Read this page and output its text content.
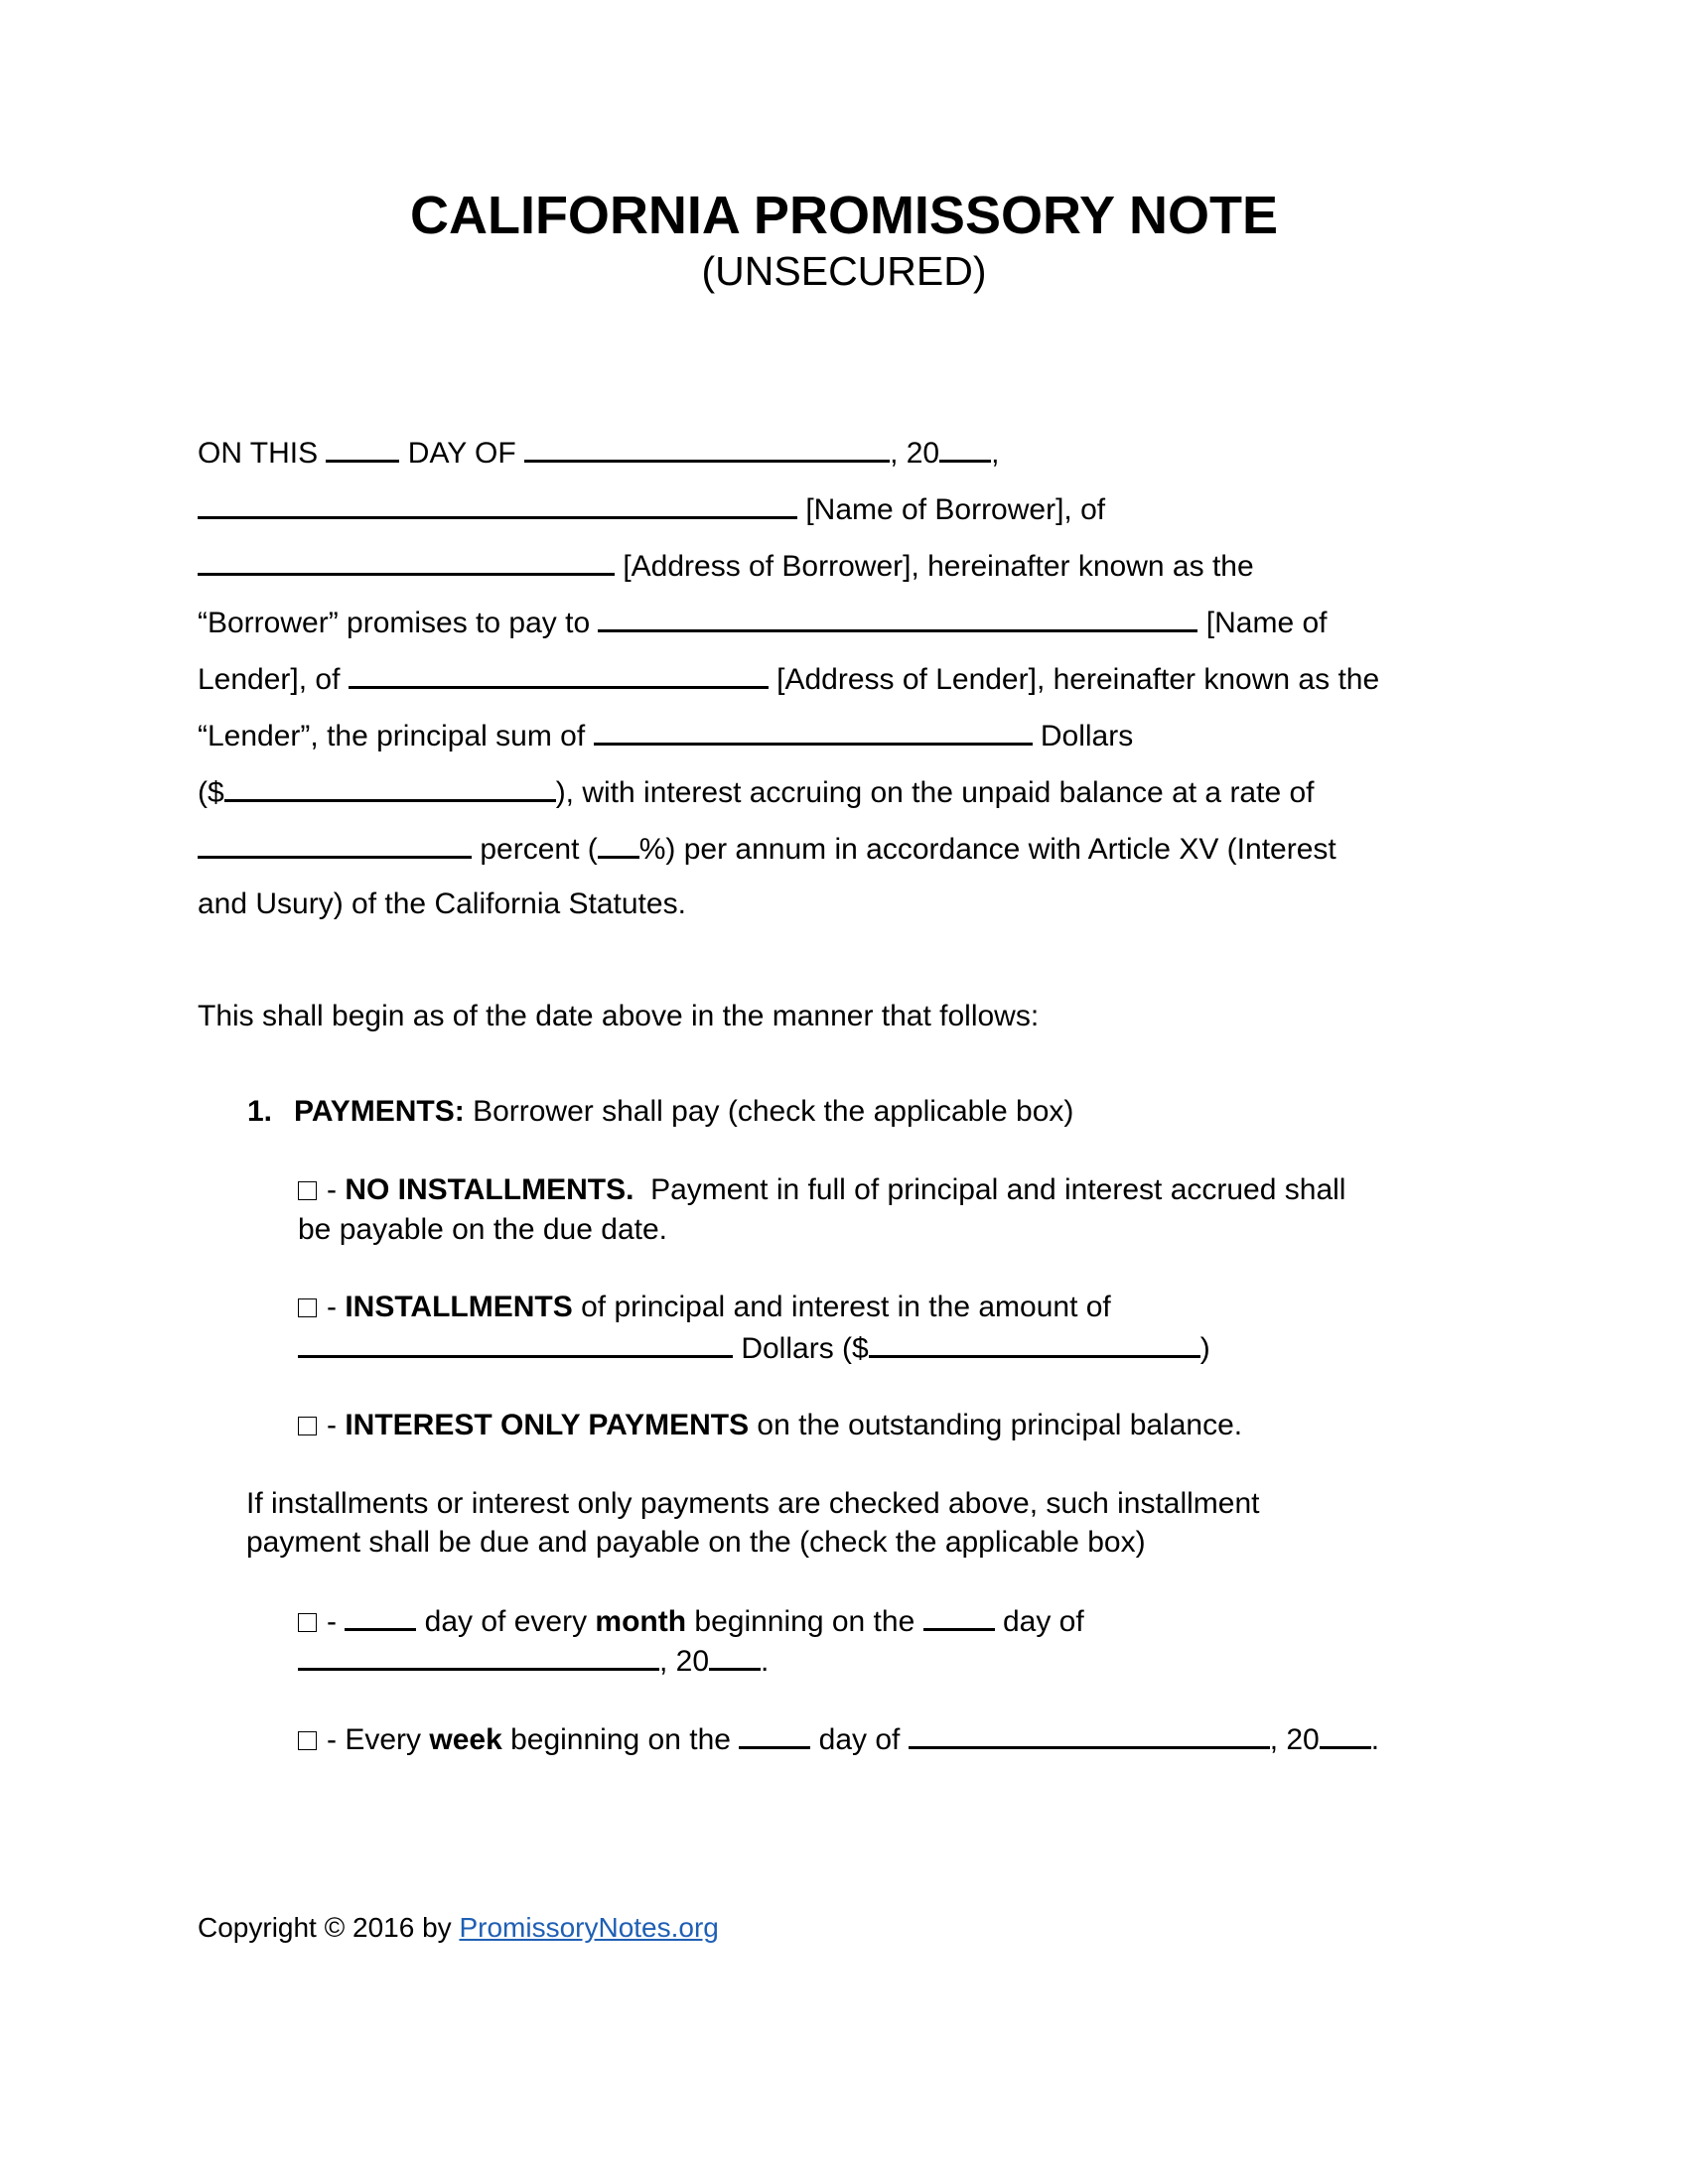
CALIFORNIA PROMISSORY NOTE
(UNSECURED)
ON THIS  DAY OF	, 20 ,
[Name of Borrower], of
[Address of Borrower], hereinafter known as the
“Borrower” promises to pay to	[Name of
Lender], of	[Address of Lender], hereinafter known as the
“Lender”, the principal sum of	Dollars
($	), with interest accruing on the unpaid balance at a rate of
percent ( %) per annum in accordance with Article XV (Interest
and Usury) of the California Statutes.
This shall begin as of the date above in the manner that follows:
1. PAYMENTS: Borrower shall pay (check the applicable box)
- NO INSTALLMENTS.  Payment in full of principal and interest accrued shall
be payable on the due date.
- INSTALLMENTS of principal and interest in the amount of
Dollars ($	)
- INTEREST ONLY PAYMENTS on the outstanding principal balance.
If installments or interest only payments are checked above, such installment
payment shall be due and payable on the (check the applicable box)
-  day of every month beginning on the  day of
, 20 .
- Every week beginning on the  day of	, 20 .
Copyright © 2016 by PromissoryNotes.org
